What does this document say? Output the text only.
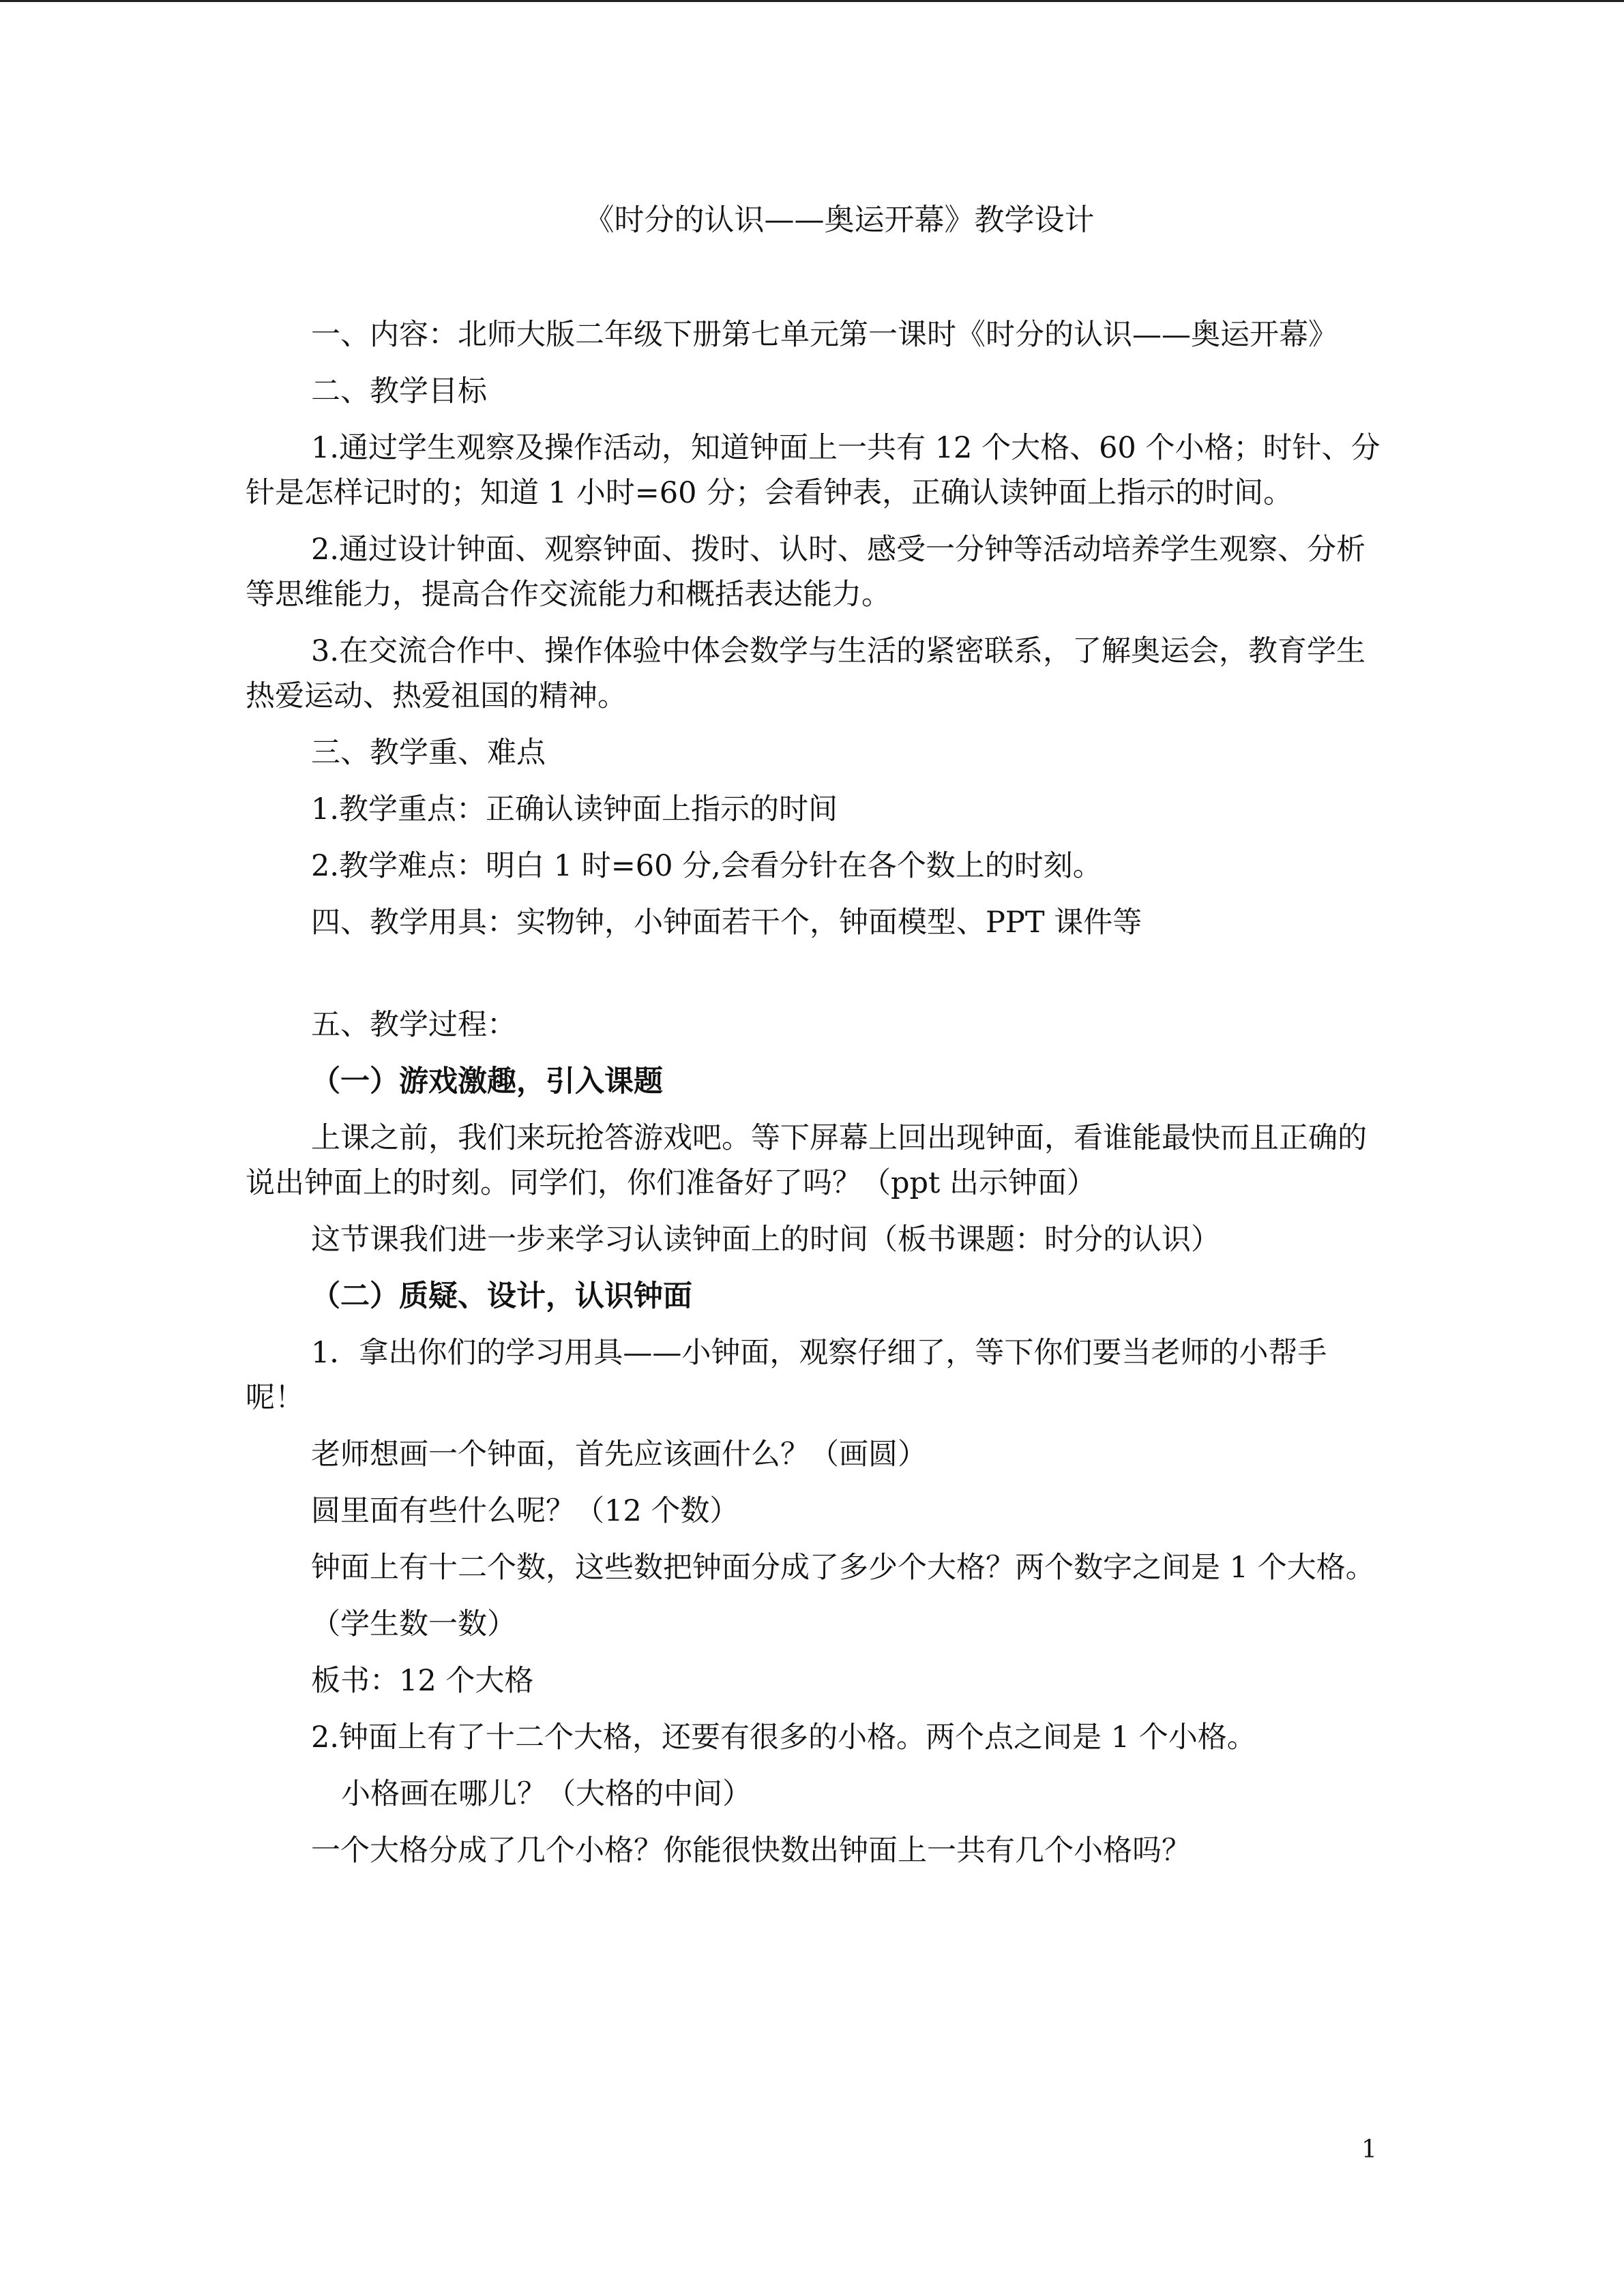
《时分的认识——奥运开幕》教学设计

一、内容：北师大版二年级下册第七单元第一课时《时分的认识——奥运开幕》

二、教学目标

1.通过学生观察及操作活动，知道钟面上一共有 12 个大格、60 个小格；时针、分针是怎样记时的；知道 1 小时=60 分；会看钟表，正确认读钟面上指示的时间。

2.通过设计钟面、观察钟面、拨时、认时、感受一分钟等活动培养学生观察、分析等思维能力，提高合作交流能力和概括表达能力。

3.在交流合作中、操作体验中体会数学与生活的紧密联系，了解奥运会，教育学生热爱运动、热爱祖国的精神。

三、教学重、难点

1.教学重点：正确认读钟面上指示的时间

2.教学难点：明白 1 时=60 分,会看分针在各个数上的时刻。

四、教学用具：实物钟，小钟面若干个，钟面模型、PPT 课件等

五、教学过程：

（一）游戏激趣，引入课题

上课之前，我们来玩抢答游戏吧。等下屏幕上回出现钟面，看谁能最快而且正确的说出钟面上的时刻。同学们，你们准备好了吗？（ppt 出示钟面）

这节课我们进一步来学习认读钟面上的时间（板书课题：时分的认识）

（二）质疑、设计，认识钟面

1．拿出你们的学习用具——小钟面，观察仔细了，等下你们要当老师的小帮手呢！

老师想画一个钟面，首先应该画什么？（画圆）

圆里面有些什么呢？（12 个数）

钟面上有十二个数，这些数把钟面分成了多少个大格？两个数字之间是 1 个大格。

（学生数一数）

板书：12 个大格

2.钟面上有了十二个大格，还要有很多的小格。两个点之间是 1 个小格。

小格画在哪儿？（大格的中间）

一个大格分成了几个小格？你能很快数出钟面上一共有几个小格吗？

1
